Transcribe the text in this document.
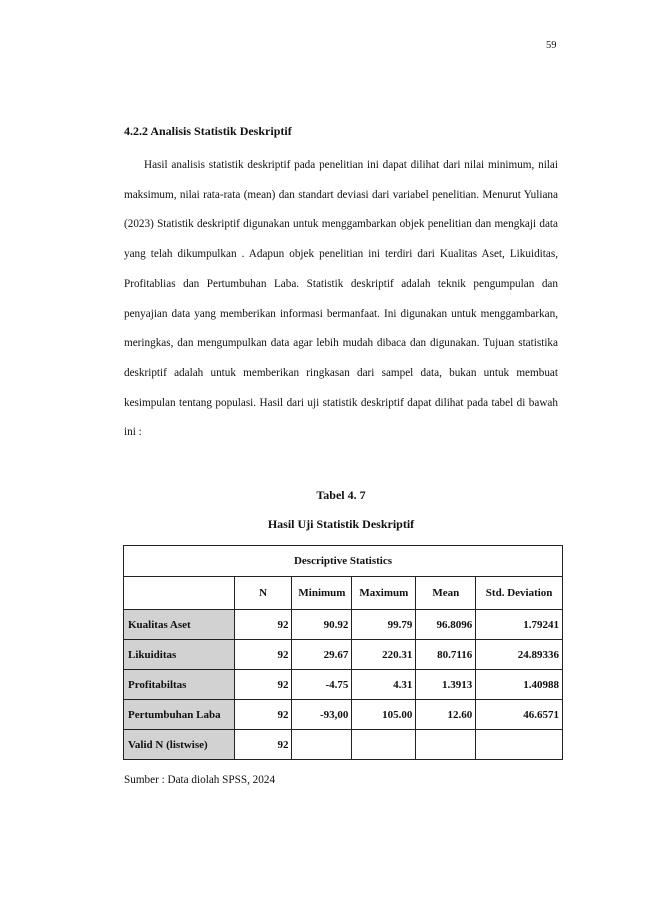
59
4.2.2 Analisis Statistik Deskriptif

Hasil analisis statistik deskriptif pada penelitian ini dapat dilihat dari nilai minimum, nilai maksimum, nilai rata-rata (mean) dan standart deviasi dari variabel penelitian. Menurut Yuliana (2023) Statistik deskriptif digunakan untuk menggambarkan objek penelitian dan mengkaji data yang telah dikumpulkan . Adapun objek penelitian ini terdiri dari Kualitas Aset, Likuiditas, Profitablias dan Pertumbuhan Laba. Statistik deskriptif adalah teknik pengumpulan dan penyajian data yang memberikan informasi bermanfaat. Ini digunakan untuk menggambarkan, meringkas, dan mengumpulkan data agar lebih mudah dibaca dan digunakan. Tujuan statistika deskriptif adalah untuk memberikan ringkasan dari sampel data, bukan untuk membuat kesimpulan tentang populasi. Hasil dari uji statistik deskriptif dapat dilihat pada tabel di bawah ini :

Tabel 4. 7
Hasil Uji Statistik Deskriptif
Descriptive Statistics					
	N	Minimum	Maximum	Mean	Std. Deviation
Kualitas Aset	92	90.92	99.79	96.8096	1.79241
Likuiditas	92	29.67	220.31	80.7116	24.89336
Profitabiltas	92	-4.75	4.31	1.3913	1.40988
Pertumbuhan Laba	92	-93,00	105.00	12.60	46.6571
Valid N (listwise)	92				
Sumber : Data diolah SPSS, 2024
